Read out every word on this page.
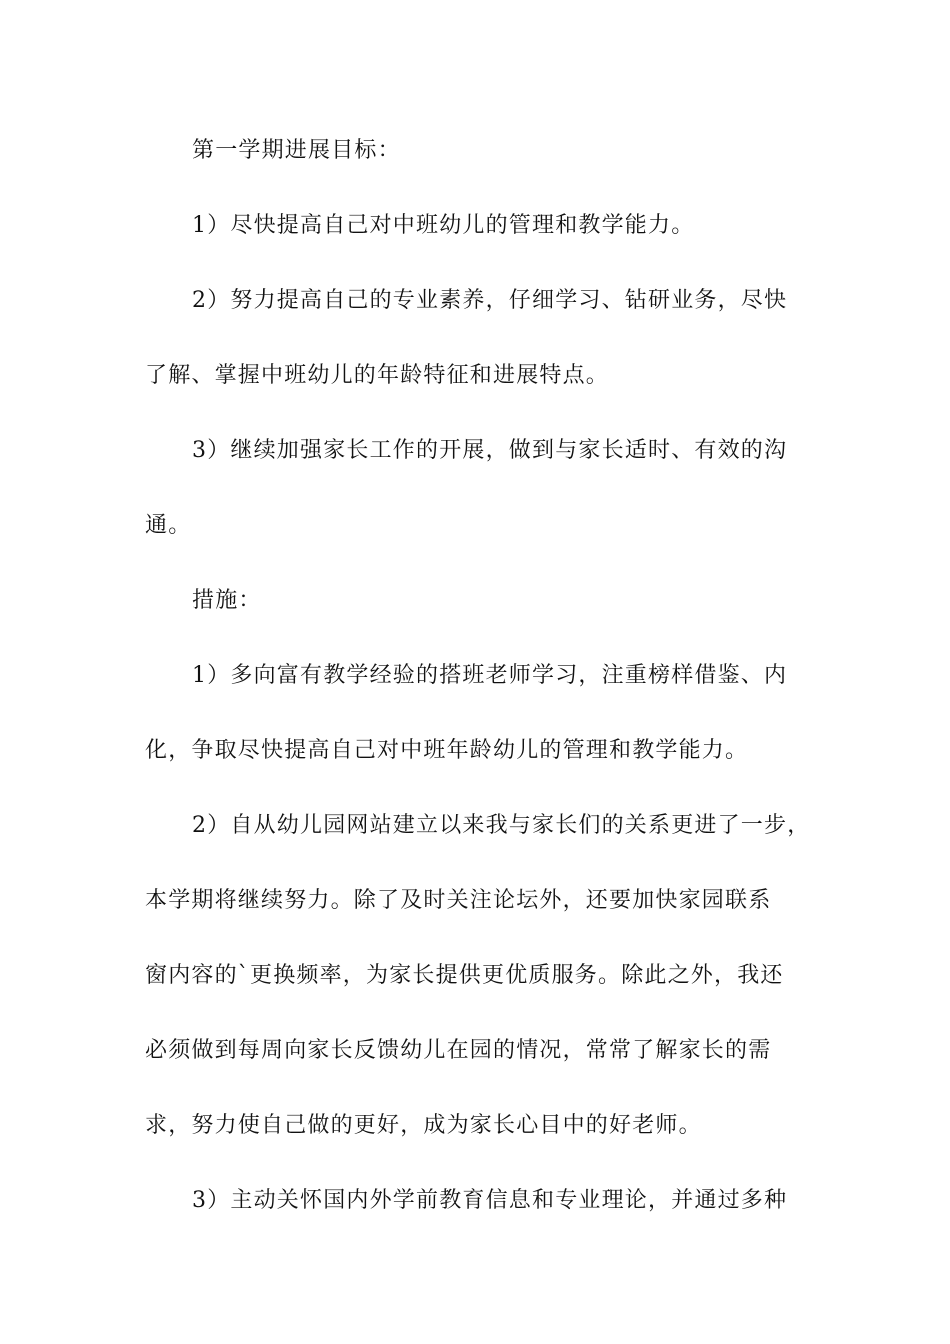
第一学期进展目标：

1）尽快提高自己对中班幼儿的管理和教学能力。

2）努力提高自己的专业素养，仔细学习、钻研业务，尽快

了解、掌握中班幼儿的年龄特征和进展特点。

3）继续加强家长工作的开展，做到与家长适时、有效的沟

通。

措施：

1）多向富有教学经验的搭班老师学习，注重榜样借鉴、内

化，争取尽快提高自己对中班年龄幼儿的管理和教学能力。

2）自从幼儿园网站建立以来我与家长们的关系更进了一步，

本学期将继续努力。除了及时关注论坛外，还要加快家园联系

窗内容的`更换频率，为家长提供更优质服务。除此之外，我还

必须做到每周向家长反馈幼儿在园的情况，常常了解家长的需

求，努力使自己做的更好，成为家长心目中的好老师。

3）主动关怀国内外学前教育信息和专业理论，并通过多种
